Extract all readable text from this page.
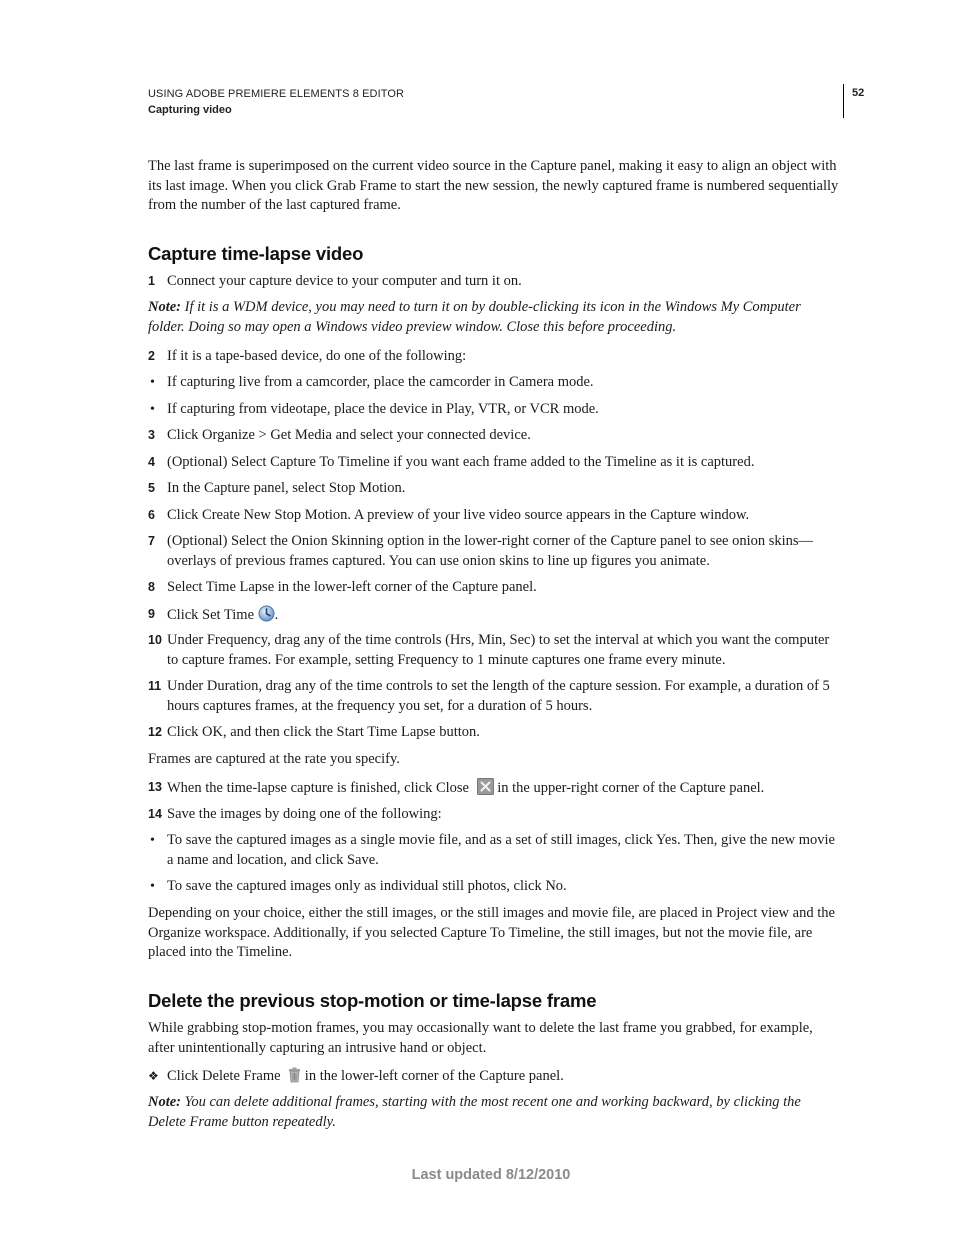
USING ADOBE PREMIERE ELEMENTS 8 EDITOR
Capturing video
52

The last frame is superimposed on the current video source in the Capture panel, making it easy to align an object with its last image. When you click Grab Frame to start the new session, the newly captured frame is numbered sequentially from the number of the last captured frame.

Capture time-lapse video
1 Connect your capture device to your computer and turn it on.
Note: If it is a WDM device, you may need to turn it on by double-clicking its icon in the Windows My Computer folder. Doing so may open a Windows video preview window. Close this before proceeding.
2 If it is a tape-based device, do one of the following:
• If capturing live from a camcorder, place the camcorder in Camera mode.
• If capturing from videotape, place the device in Play, VTR, or VCR mode.
3 Click Organize > Get Media and select your connected device.
4 (Optional) Select Capture To Timeline if you want each frame added to the Timeline as it is captured.
5 In the Capture panel, select Stop Motion.
6 Click Create New Stop Motion. A preview of your live video source appears in the Capture window.
7 (Optional) Select the Onion Skinning option in the lower-right corner of the Capture panel to see onion skins—overlays of previous frames captured. You can use onion skins to line up figures you animate.
8 Select Time Lapse in the lower-left corner of the Capture panel.
9 Click Set Time .
10 Under Frequency, drag any of the time controls (Hrs, Min, Sec) to set the interval at which you want the computer to capture frames. For example, setting Frequency to 1 minute captures one frame every minute.
11 Under Duration, drag any of the time controls to set the length of the capture session. For example, a duration of 5 hours captures frames, at the frequency you set, for a duration of 5 hours.
12 Click OK, and then click the Start Time Lapse button.

Frames are captured at the rate you specify.

13 When the time-lapse capture is finished, click Close  in the upper-right corner of the Capture panel.
14 Save the images by doing one of the following:
• To save the captured images as a single movie file, and as a set of still images, click Yes. Then, give the new movie a name and location, and click Save.
• To save the captured images only as individual still photos, click No.

Depending on your choice, either the still images, or the still images and movie file, are placed in Project view and the Organize workspace. Additionally, if you selected Capture To Timeline, the still images, but not the movie file, are placed into the Timeline.

Delete the previous stop-motion or time-lapse frame

While grabbing stop-motion frames, you may occasionally want to delete the last frame you grabbed, for example, after unintentionally capturing an intrusive hand or object.

❖ Click Delete Frame  in the lower-left corner of the Capture panel.
Note: You can delete additional frames, starting with the most recent one and working backward, by clicking the Delete Frame button repeatedly.
Last updated 8/12/2010
